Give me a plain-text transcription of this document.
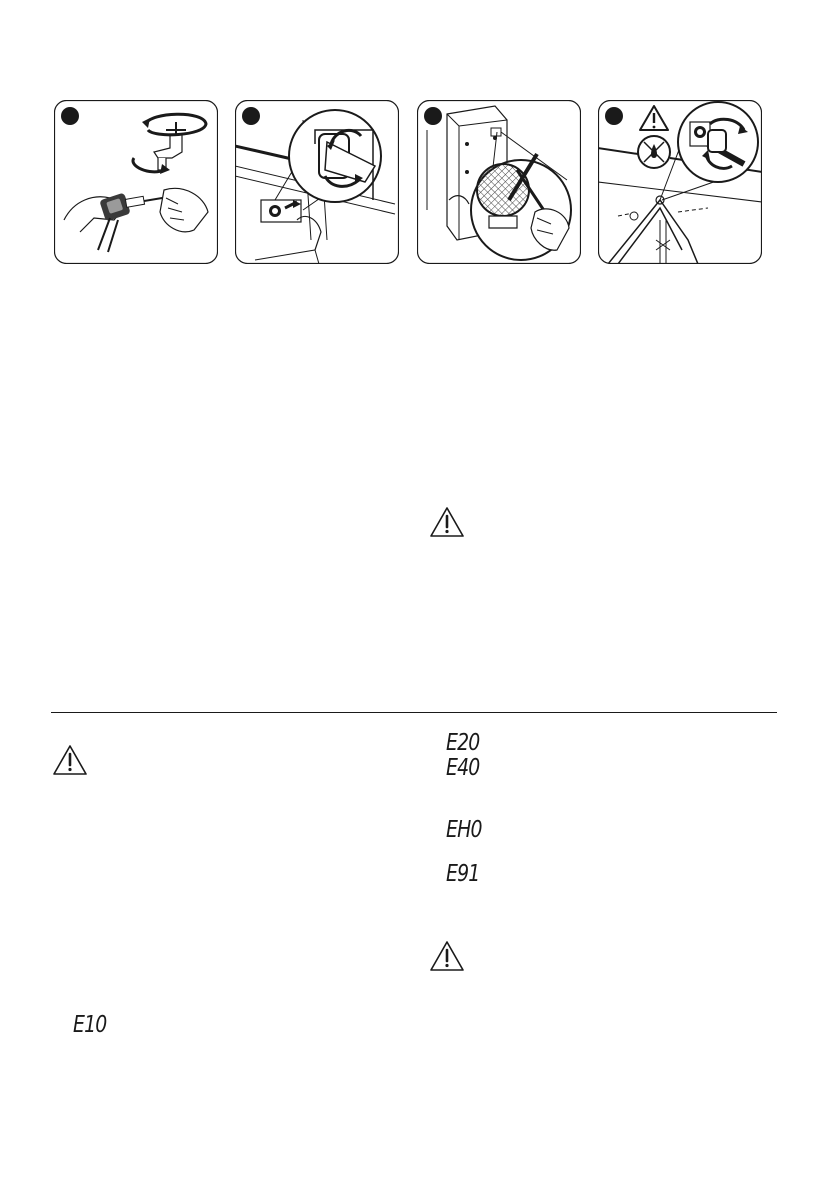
E20
E40
EH0
E91
E10
